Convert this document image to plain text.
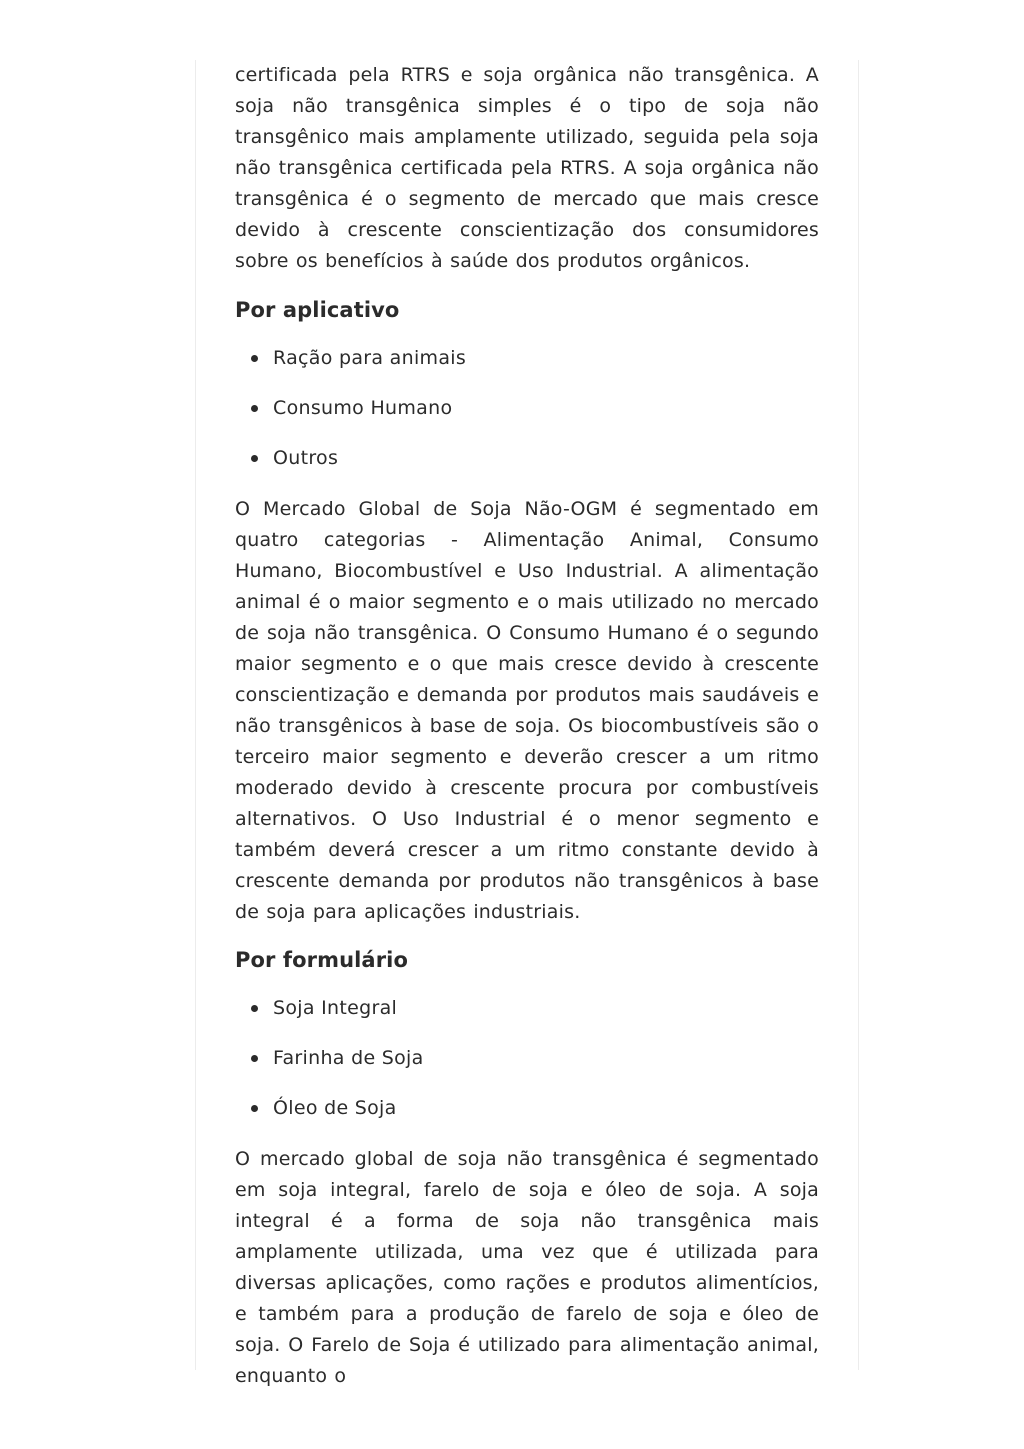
certificada pela RTRS e soja orgânica não transgênica. A soja não transgênica simples é o tipo de soja não transgênico mais amplamente utilizado, seguida pela soja não transgênica certificada pela RTRS. A soja orgânica não transgênica é o segmento de mercado que mais cresce devido à crescente conscientização dos consumidores sobre os benefícios à saúde dos produtos orgânicos.

Por aplicativo
Ração para animais
Consumo Humano
Outros

O Mercado Global de Soja Não-OGM é segmentado em quatro categorias - Alimentação Animal, Consumo Humano, Biocombustível e Uso Industrial. A alimentação animal é o maior segmento e o mais utilizado no mercado de soja não transgênica. O Consumo Humano é o segundo maior segmento e o que mais cresce devido à crescente conscientização e demanda por produtos mais saudáveis e não transgênicos à base de soja. Os biocombustíveis são o terceiro maior segmento e deverão crescer a um ritmo moderado devido à crescente procura por combustíveis alternativos. O Uso Industrial é o menor segmento e também deverá crescer a um ritmo constante devido à crescente demanda por produtos não transgênicos à base de soja para aplicações industriais.

Por formulário
Soja Integral
Farinha de Soja
Óleo de Soja

O mercado global de soja não transgênica é segmentado em soja integral, farelo de soja e óleo de soja. A soja integral é a forma de soja não transgênica mais amplamente utilizada, uma vez que é utilizada para diversas aplicações, como rações e produtos alimentícios, e também para a produção de farelo de soja e óleo de soja. O Farelo de Soja é utilizado para alimentação animal, enquanto o
